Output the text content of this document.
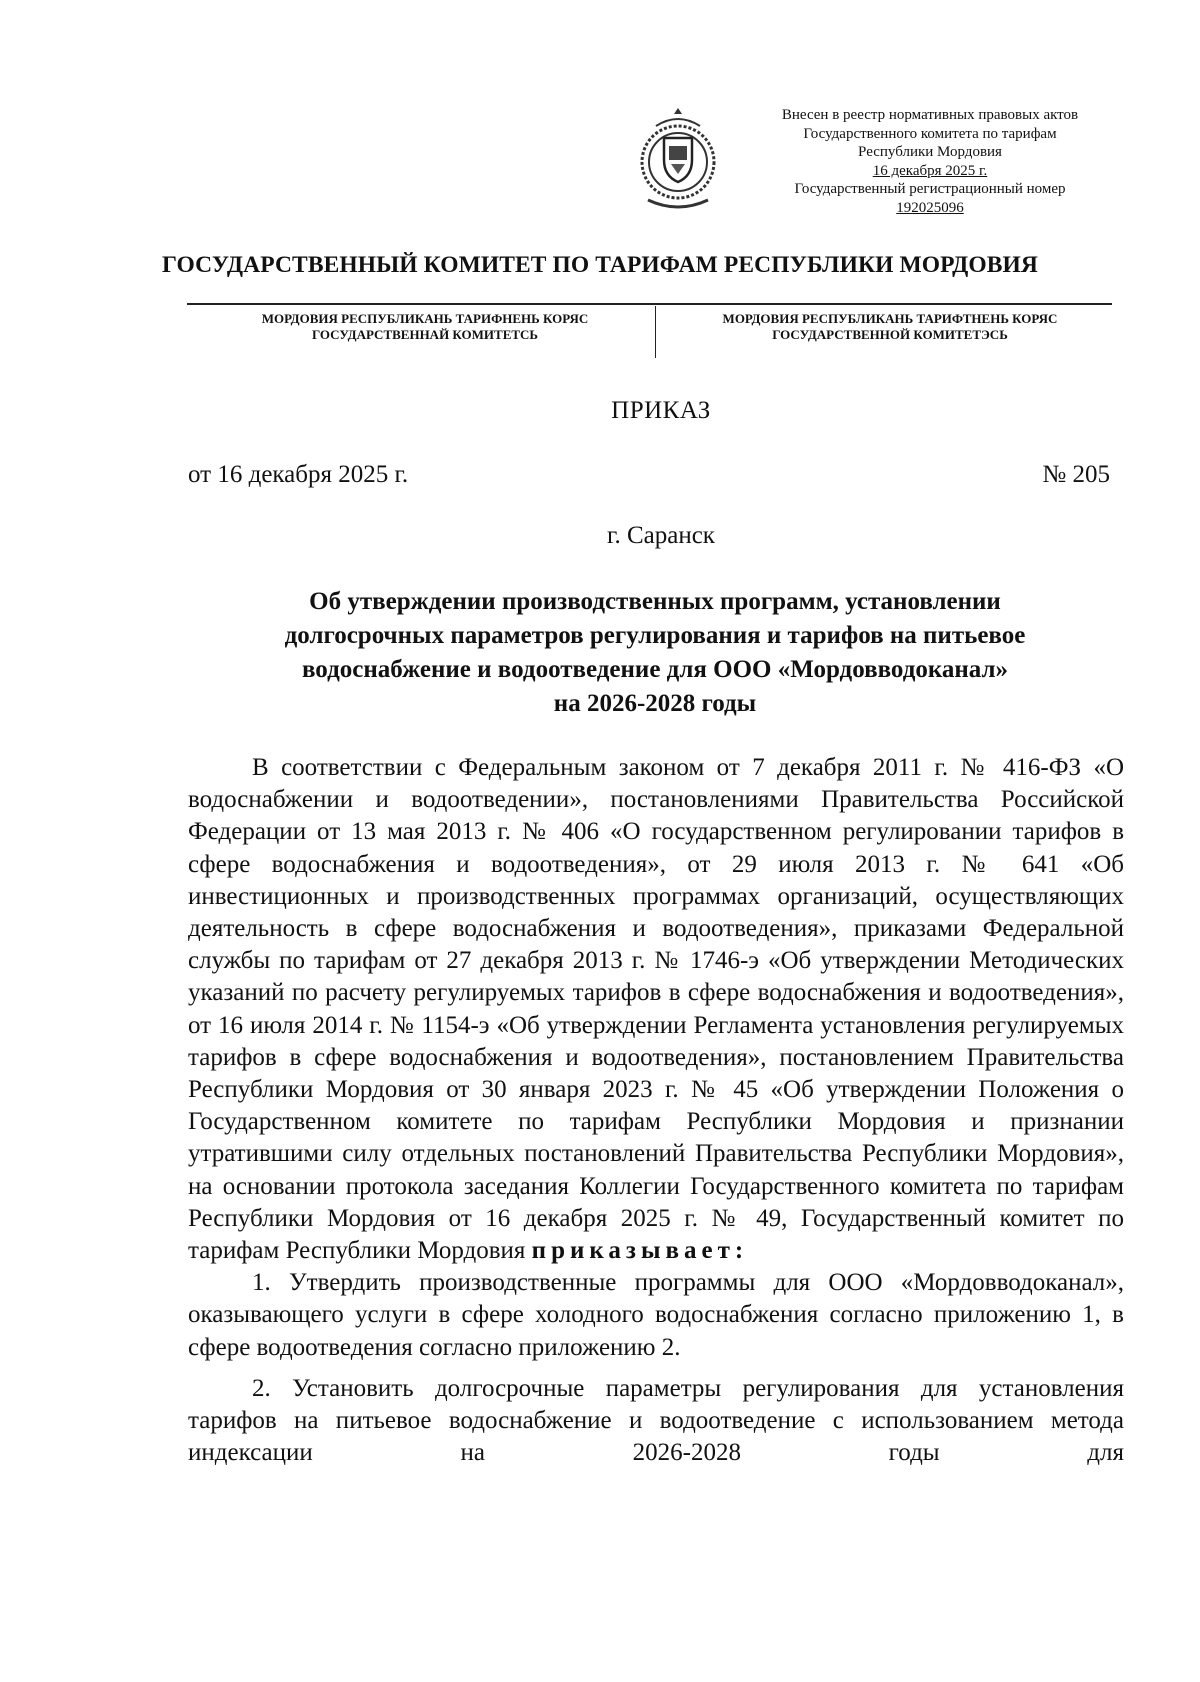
Внесен в реестр нормативных правовых актов
Государственного комитета по тарифам
Республики Мордовия
16 декабря 2025 г.
Государственный регистрационный номер
192025096
ГОСУДАРСТВЕННЫЙ КОМИТЕТ ПО ТАРИФАМ РЕСПУБЛИКИ МОРДОВИЯ
МОРДОВИЯ РЕСПУБЛИКАНЬ ТАРИФНЕНЬ КОРЯС
ГОСУДАРСТВЕННАЙ КОМИТЕТСЬ
МОРДОВИЯ РЕСПУБЛИКАНЬ ТАРИФТНЕНЬ КОРЯС
ГОСУДАРСТВЕННОЙ КОМИТЕТЭСЬ
ПРИКАЗ
от 16 декабря 2025 г.	№ 205
г. Саранск
Об утверждении производственных программ, установлении
долгосрочных параметров регулирования и тарифов на питьевое
водоснабжение и водоотведение для ООО «Мордовводоканал»
на 2026-2028 годы

В соответствии с Федеральным законом от 7 декабря 2011 г. № 416-ФЗ «О водоснабжении и водоотведении», постановлениями Правительства Российской Федерации от 13 мая 2013 г. № 406 «О государственном регулировании тарифов в сфере водоснабжения и водоотведения», от 29 июля 2013 г. № 641 «Об инвестиционных и производственных программах организаций, осуществляющих деятельность в сфере водоснабжения и водоотведения», приказами Федеральной службы по тарифам от 27 декабря 2013 г. № 1746-э «Об утверждении Методических указаний по расчету регулируемых тарифов в сфере водоснабжения и водоотведения», от 16 июля 2014 г. № 1154-э «Об утверждении Регламента установления регулируемых тарифов в сфере водоснабжения и водоотведения», постановлением Правительства Республики Мордовия от 30 января 2023 г. № 45 «Об утверждении Положения о Государственном комитете по тарифам Республики Мордовия и признании утратившими силу отдельных постановлений Правительства Республики Мордовия», на основании протокола заседания Коллегии Государственного комитета по тарифам Республики Мордовия от 16 декабря 2025 г. № 49, Государственный комитет по тарифам Республики Мордовия приказывает:

1. Утвердить производственные программы для ООО «Мордовводоканал», оказывающего услуги в сфере холодного водоснабжения согласно приложению 1, в сфере водоотведения согласно приложению 2.

2. Установить долгосрочные параметры регулирования для установления тарифов на питьевое водоснабжение и водоотведение с использованием метода индексации на 2026-2028 годы для
